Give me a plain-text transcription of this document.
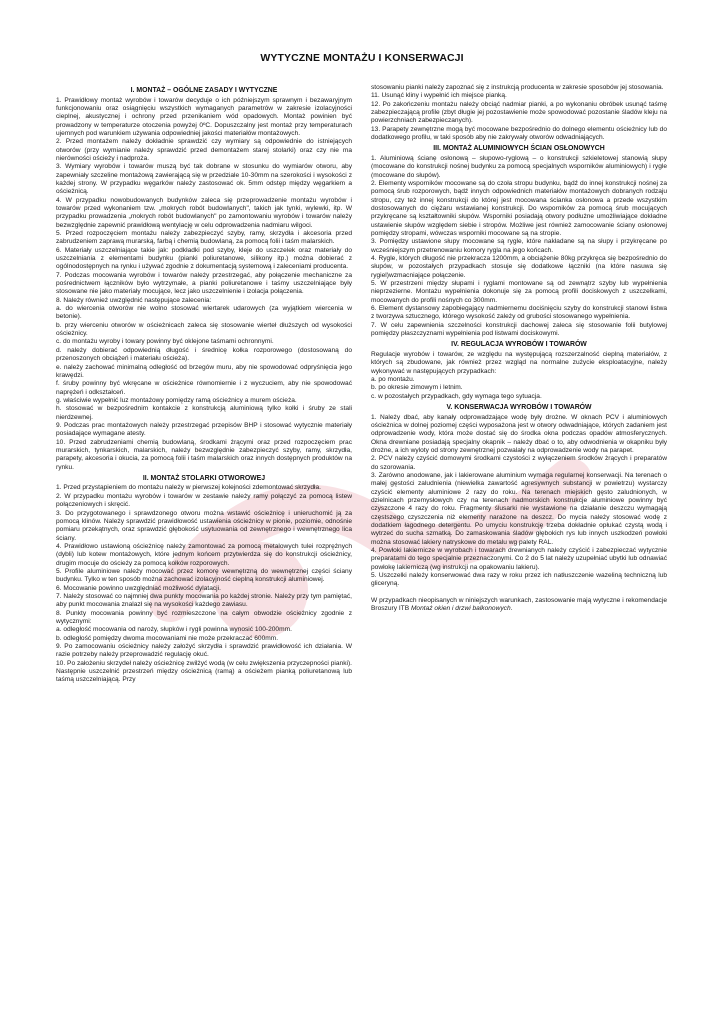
WYTYCZNE MONTAŻU I KONSERWACJI
I. MONTAŻ – OGÓLNE ZASADY I WYTYCZNE

1. Prawidłowy montaż wyrobów i towarów decyduje o ich późniejszym sprawnym i bezawaryjnym funkcjonowaniu oraz osiągnięciu wszystkich wymaganych parametrów w zakresie izolacyjności cieplnej, akustycznej i ochrony przed przenikaniem wód opadowych. Montaż powinien być prowadzony w temperaturze otoczenia powyżej 0ºC. Dopuszczalny jest montaż przy temperaturach ujemnych pod warunkiem używania odpowiedniej jakości materiałów montażowych.

2. Przed montażem należy dokładnie sprawdzić czy wymiary są odpowiednie do istniejących otworów (przy wymianie należy sprawdzić przed demontażem starej stolarki) oraz czy nie ma nierówności ościeży i nadproża.

3. Wymiary wyrobów i towarów muszą być tak dobrane w stosunku do wymiarów otworu, aby zapewniały szczeline montażową zawierającą się w przedziale 10-30mm na szerokości i wysokości z każdej strony. W przypadku węgarków należy zastosować ok. 5mm odstęp między węgarkiem a ościeżnicą.

4. W przypadku nowobudowanych budynków zaleca się przeprowadzenie montażu wyrobów i towarów przed wykonaniem tzw. „mokrych robót budowlanych", takich jak tynki, wylewki, itp. W przypadku prowadzenia „mokrych robót budowlanych" po zamontowaniu wyrobów i towarów należy bezwzględnie zapewnić prawidłową wentylację w celu odprowadzenia nadmiaru wilgoci.

5. Przed rozpoczęciem montażu należy zabezpieczyć szyby, ramy, skrzydła i akcesoria przed zabrudzeniem zaprawą murarską, farbą i chemią budowlaną, za pomocą folii i taśm malarskich.

6. Materiały uszczelniające takie jak: podkładki pod szyby, kleje do uszczelek oraz materiały do uszczelniania z elementami budynku (pianki poliuretanowe, silikony itp.) można dobierać z ogólnodostępnych na rynku i używać zgodnie z dokumentacją systemową i zaleceniami producenta.

7. Podczas mocowania wyrobów i towarów należy przestrzegać, aby połączenie mechaniczne za pośrednictwem łączników było wytrzymałe, a pianki poliuretanowe i taśmy uszczelniające były stosowane nie jako materiały mocujące, lecz jako uszczelnienie i izolacja połączenia.

8. Należy również uwzględnić następujące zalecenia:

a. do wiercenia otworów nie wolno stosować wiertarek udarowych (za wyjątkiem wiercenia w betonie).

b. przy wierceniu otworów w ościeżnicach zaleca się stosowanie wierteł dłuższych od wysokości ościeżnicy.

c. do montażu wyroby i towary powinny być oklejone taśmami ochronnymi.

d. należy dobierać odpowiednią długość i średnicę kołka rozporowego (dostosowaną do przenoszonych obciążeń i materiału ościeża).

e. należy zachować minimalną odległość od brzegów muru, aby nie spowodować odpryśnięcia jego krawędzi.

f. śruby powinny być wkręcane w ościeżnice równomiernie i z wyczuciem, aby nie spowodować naprężeń i odkształceń.

g. właściwie wypełnić luz montażowy pomiędzy ramą ościeżnicy a murem ościeża.

h. stosować w bezpośrednim kontakcie z konstrukcją aluminiową tylko kołki i śruby ze stali nierdzewnej.

9. Podczas prac montażowych należy przestrzegać przepisów BHP i stosować wytycznie materiały posiadające wymagane atesty.

10. Przed zabrudzeniami chemią budowlaną, środkami żrącymi oraz przed rozpoczęciem prac murarskich, tynkarskich, malarskich, należy bezwzględnie zabezpieczyć szyby, ramy, skrzydła, parapety, akcesoria i okucia, za pomocą folii i taśm malarskich oraz innych dostępnych produktów na rynku.

II. MONTAŻ STOLARKI OTWOROWEJ

1. Przed przystąpieniem do montażu należy w pierwszej kolejności zdemontować skrzydła.

2. W przypadku montażu wyrobów i towarów w zestawie należy ramy połączyć za pomocą listew połączeniowych i skręcić.

3. Do przygotowanego i sprawdzonego otworu można wstawić ościeżnicę i unieruchomić ją za pomocą klinów. Należy sprawdzić prawidłowość ustawienia ościeżnicy w pionie, poziomie, odnośnie pomiaru przekątnych, oraz sprawdzić głębokość usytuowania od zewnętrznego i wewnętrznego lica ściany.

4. Prawidłowo ustawioną ościeżnicę należy zamontować za pomocą metalowych tulei rozprężnych (dybli) lub kotew montażowych, które jednym końcem przytwierdza się do konstrukcji ościeżnicy, drugim mocuje do ościeży za pomocą kołków rozporowych.

5. Profile aluminiowe należy mocować przez komorę wewnętrzną do wewnętrznej części ściany budynku. Tylko w ten sposób można zachować izolacyjność cieplną konstrukcji aluminiowej.

6. Mocowanie powinno uwzględniać możliwość dylatacji.

7. Należy stosować co najmniej dwa punkty mocowania po każdej stronie. Należy przy tym pamiętać, aby punkt mocowania znalazł się na wysokości każdego zawiasu.

8. Punkty mocowania powinny być rozmieszczone na całym obwodzie ościeżnicy zgodnie z wytycznymi:

a. odległość mocowania od naroży, słupków i rygli powinna wynosić 100-200mm.

b. odległość pomiędzy dwoma mocowaniami nie może przekraczać 600mm.

9. Po zamocowaniu ościeżnicy należy założyć skrzydła i sprawdzić prawidłowość ich działania. W razie potrzeby należy przeprowadzić regulację okuć.

10. Po założeniu skrzydeł należy ościeżnicę zwilżyć wodą (w celu zwiększenia przyczepności pianki). Następnie uszczelnić przestrzeń między ościeżnicą (ramą) a ościeżem pianką poliuretanową lub taśmą uszczelniającą. Przy

stosowaniu pianki należy zapoznać się z instrukcją producenta w zakresie sposobów jej stosowania.

11. Usunąć kliny i wypełnić ich miejsce pianką.

12. Po zakończeniu montażu należy obciąć nadmiar pianki, a po wykonaniu obróbek usunąć taśmę zabezpieczającą profile (zbyt długie jej pozostawienie może spowodować pozostanie śladów kleju na powierzchniach zabezpieczanych).

13. Parapety zewnętrzne mogą być mocowane bezpośrednio do dolnego elementu ościeżnicy lub do dodatkowego profilu, w taki sposób aby nie zakrywały otworów odwadniających.

III. MONTAŻ ALUMINIOWYCH ŚCIAN OSŁONOWYCH

1. Aluminiową ścianę osłonową – słupowo-ryglową – o konstrukcji szkieletowej stanowią słupy (mocowane do konstrukcji nośnej budynku za pomocą specjalnych wsporników aluminiowych) i rygle (mocowane do słupów).

2. Elementy wsporników mocowane są do czoła stropu budynku, bądź do innej konstrukcji nośnej za pomocą śrub rozporowych, bądź innych odpowiednich materiałów montażowych dobranych rodzaju stropu, czy też innej konstrukcji do której jest mocowana ścianka osłonowa a przede wszystkim dostosowanych do ciężaru wstawianej konstrukcji. Do wsporników za pomocą śrub mocujących przykręcane są kształtowniki słupów. Wsporniki posiadają otwory podłużne umożliwiające dokładne ustawienie słupów względem siebie i stropów. Możliwe jest również zamocowanie ściany osłonowej pomiędzy stropami, wówczas wsporniki mocowane są na stropie.

3. Pomiędzy ustawione słupy mocowane są rygle, które nakładane są na słupy i przykręcane po wcześniejszym przetrenowaniu komory rygla na jego końcach.

4. Rygle, których długość nie przekracza 1200mm, a obciążenie 80kg przykręca się bezpośrednio do słupów, w pozostałych przypadkach stosuje się dodatkowe łączniki (na które nasuwa się rygiel)wzmacniające połączenie.

5. W przestrzeni między słupami i ryglami montowane są od zewnątrz szyby lub wypełnienia nieprzezierne. Montażu wypełnienia dokonuje się za pomocą profili dociskowych z uszczelkami, mocowanych do profili nośnych co 300mm.

6. Element dystansowy zapobiegający nadmiernemu dociśnięciu szyby do konstrukcji stanowi listwa z tworzywa sztucznego, którego wysokość zależy od grubości stosowanego wypełnienia.

7. W celu zapewnienia szczelności konstrukcji dachowej zaleca się stosowanie folii butylowej pomiędzy płaszczyznami wypełnienia pod listwami dociskowymi.

IV. REGULACJA WYROBÓW I TOWARÓW

Regulacje wyrobów i towarów, ze względu na występującą rozszerzalność cieplną materiałów, z których są zbudowane, jak również przez wzgląd na normalne zużycie eksploatacyjne, należy wykonywać w następujących przypadkach:

a. po montażu.

b. po okresie zimowym i letnim.

c. w pozostałych przypadkach, gdy wymaga tego sytuacja.

V. KONSERWACJA WYROBÓW I TOWARÓW

1. Należy dbać, aby kanały odprowadzające wodę były drożne. W oknach PCV i aluminiowych ościeżnica w dolnej poziomej części wyposażona jest w otwory odwadniające, których zadaniem jest odprowadzenie wody, która może dostać się do środka okna podczas opadów atmosferycznych. Okna drewniane posiadają specjalny okapnik – należy dbać o to, aby odwodnienia w okapniku były drożne, a ich wyloty od strony zewnętrznej pozwalały na odprowadzenie wody na parapet.

2. PCV należy czyścić domowymi środkami czystości z wyłączeniem środków żrących i preparatów do szorowania.

3. Zarówno anodowane, jak i lakierowane aluminium wymaga regularnej konserwacji. Na terenach o małej gęstości zaludnienia (niewielka zawartość agresywnych substancji w powietrzu) wystarczy czyścić elementy aluminiowe 2 razy do roku. Na terenach miejskich gęsto zaludnionych, w dzielnicach przemysłowych czy na terenach nadmorskich konstrukcje aluminiowe powinny być czyszczone 4 razy do roku. Fragmenty ślusarki nie wystawione na działanie deszczu wymagają częstszego czyszczenia niż elementy narażone na deszcz. Do mycia należy stosować wodę z dodatkiem łagodnego detergentu. Po umyciu konstrukcję trzeba dokładnie opłukać czystą wodą i wytrzeć do sucha szmatką. Do zamaskowania śladów głębokich rys lub innych uszkodzeń powłoki można stosować lakiery natryskowe do metalu wg palety RAL.

4. Powłoki lakiernicze w wyrobach i towarach drewnianych należy czyścić i zabezpieczać wytycznie preparatami do tego specjalnie przeznaczonymi. Co 2 do 5 lat należy uzupełniać ubytki lub odnawiać powłokę lakierniczą (wg instrukcji na opakowaniu lakieru).

5. Uszczelki należy konserwować dwa razy w roku przez ich natłuszczenie wazeliną techniczną lub gliceryną.

W przypadkach nieopisanych w niniejszych warunkach, zastosowanie mają wytyczne i rekomendacje Broszury ITB Montaż okien i drzwi balkonowych.
